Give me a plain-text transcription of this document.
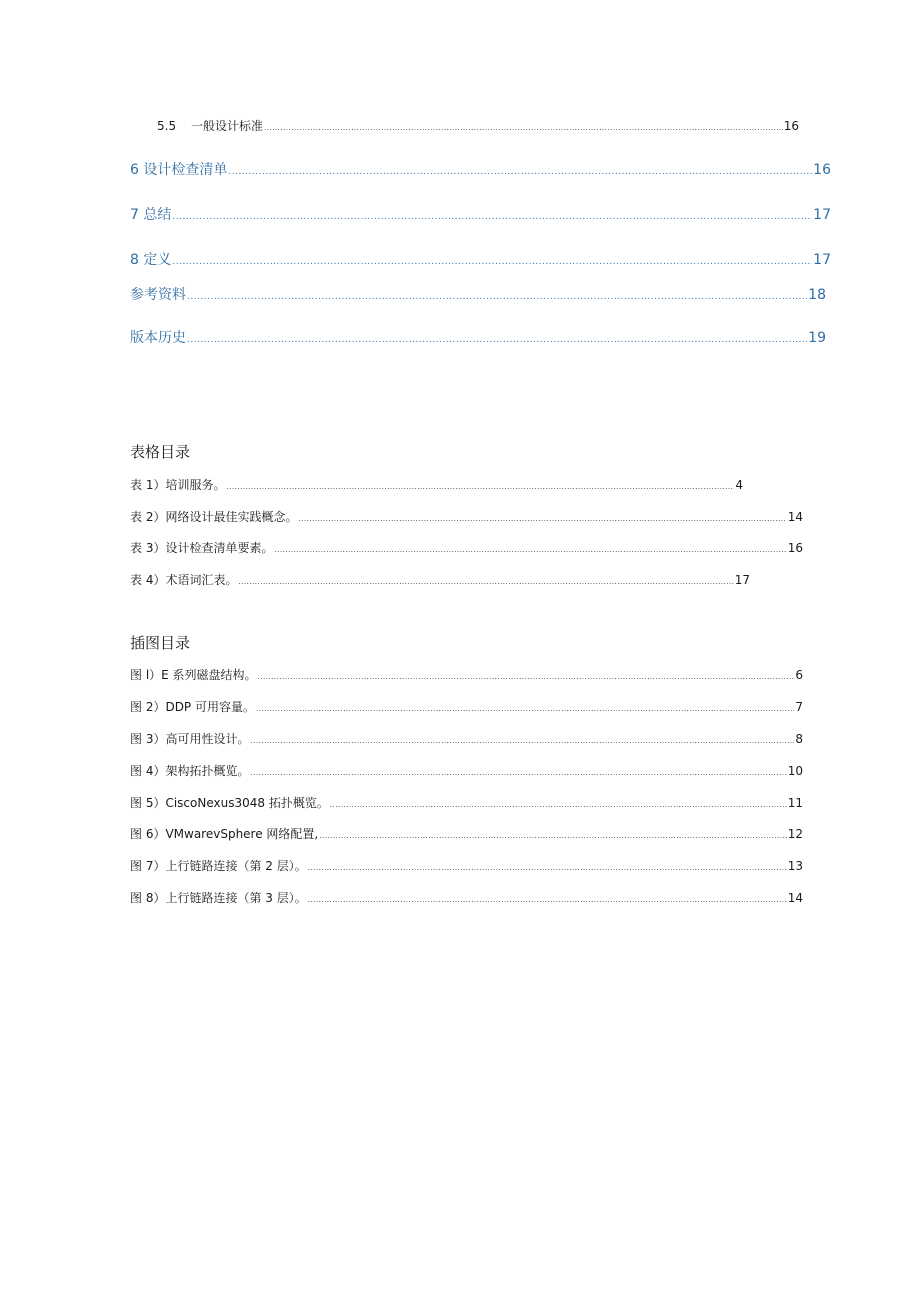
5.5 一般设计标准 .....	16
6 设计检查清单 .....	16
7 总结 .....	17
8 定义 .....	17
参考资料 .....	18
版本历史 .....	19
表格目录
表 1）培训服务。 .....	4
表 2）网络设计最佳实践概念。 .....	14
表 3）设计检查清单要素。 .....	16
表 4）术语词汇表。 .....	17
插图目录
图 l）E 系列磁盘结构。 .....	6
图 2）DDP 可用容量。 .....	7
图 3）高可用性设计。 .....	8
图 4）架构拓扑概览。 .....	10
图 5）CiscoNexus3048 拓扑概览。 .....	11
图 6）VMwarevSphere 网络配置, .....	12
图 7）上行链路连接（第 2 层）。 .....	13
图 8）上行链路连接（第 3 层）。 .....	14
